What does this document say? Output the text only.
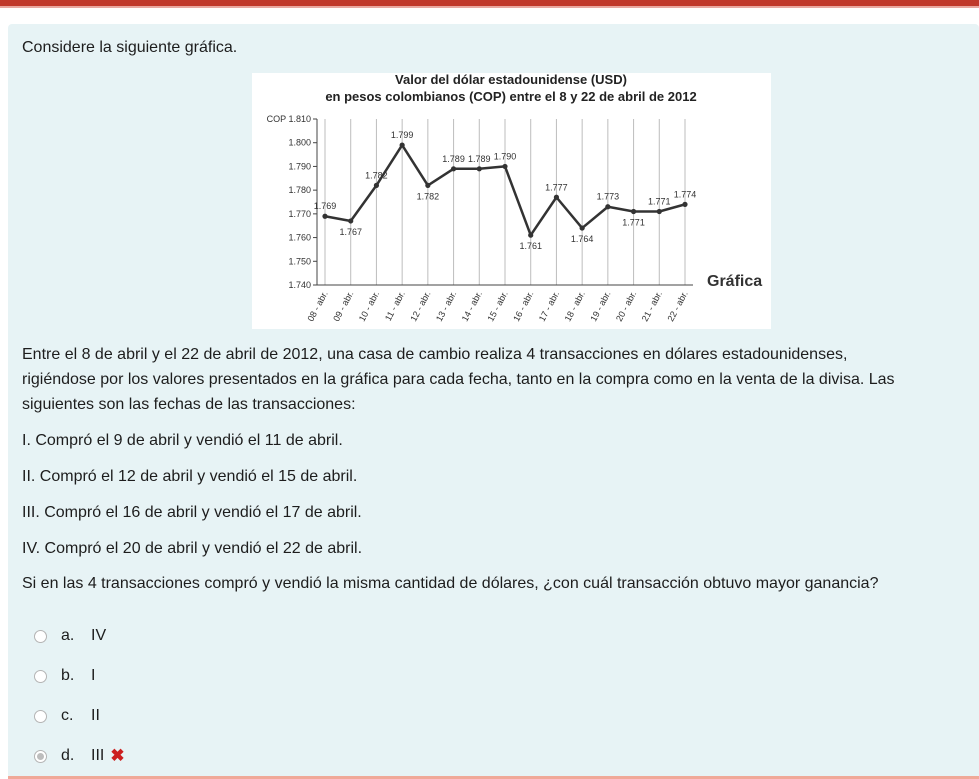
Considere la siguiente gráfica.

Valor del dólar estadounidense (USD)
en pesos colombianos (COP) entre el 8 y 22 de abril de 2012
1.740
1.750
1.760
1.770
1.780
1.790
1.800
COP 1.810
08 - abr. 09 - abr. 10 - abr. 11 - abr. 12 - abr. 13 - abr. 14 - abr. 15 - abr. 16 - abr. 17 - abr. 18 - abr. 19 - abr. 20 - abr. 21 - abr. 22 - abr.
1.769
1.767
1.782
1.799
1.782
1.789 1.789 1.790
1.761
1.777
1.764
1.773
1.771
1.771
1.774
Gráfica

Entre el 8 de abril y el 22 de abril de 2012, una casa de cambio realiza 4 transacciones en dólares estadounidenses,

rigiéndose por los valores presentados en la gráfica para cada fecha, tanto en la compra como en la venta de la divisa. Las

siguientes son las fechas de las transacciones:

I. Compró el 9 de abril y vendió el 11 de abril.

II. Compró el 12 de abril y vendió el 15 de abril.

III. Compró el 16 de abril y vendió el 17 de abril.

IV. Compró el 20 de abril y vendió el 22 de abril.

Si en las 4 transacciones compró y vendió la misma cantidad de dólares, ¿con cuál transacción obtuvo mayor ganancia?

a.	IV
b.	I
c.	II
d.	III ✖
